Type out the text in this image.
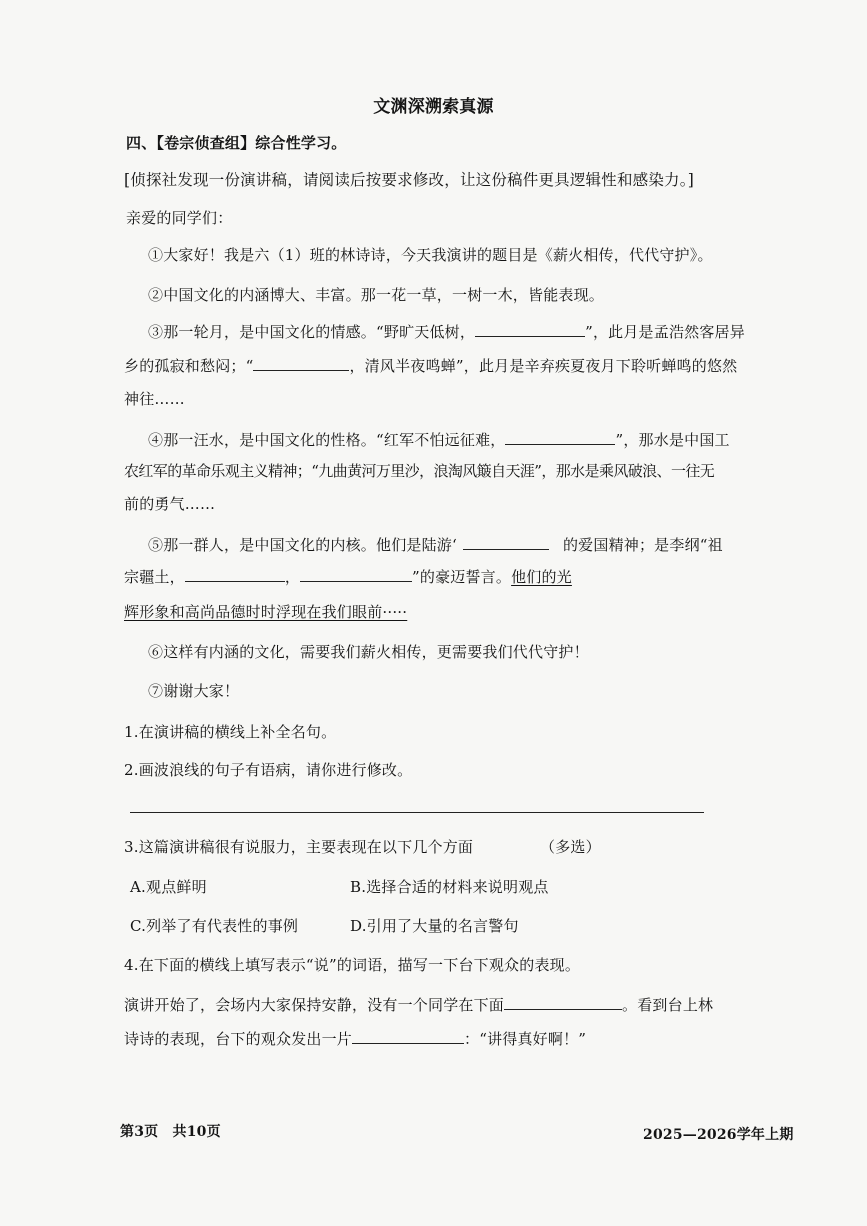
文渊深溯索真源
四、【卷宗侦查组】综合性学习。
[侦探社发现一份演讲稿，请阅读后按要求修改，让这份稿件更具逻辑性和感染力。]
亲爱的同学们：
①大家好！我是六（1）班的林诗诗，今天我演讲的题目是《薪火相传，代代守护》。
②中国文化的内涵博大、丰富。那一花一草，一树一木，皆能表现。
③那一轮月，是中国文化的情感。“野旷天低树，	”，此月是孟浩然客居异
乡的孤寂和愁闷；“	，清风半夜鸣蝉”，此月是辛弃疾夏夜月下聆听蝉鸣的悠然
神往……
④那一汪水，是中国文化的性格。“红军不怕远征难，	”，那水是中国工
农红军的革命乐观主义精神；“九曲黄河万里沙，浪淘风簸自天涯”，那水是乘风破浪、一往无
前的勇气……
⑤那一群人，是中国文化的内核。他们是陆游‘	的爱国精神；是李纲“祖
宗疆土，	，	”的豪迈誓言。他们的光
辉形象和高尚品德时时浮现在我们眼前·····
⑥这样有内涵的文化，需要我们薪火相传，更需要我们代代守护！
⑦谢谢大家！
1.在演讲稿的横线上补全名句。
2.画波浪线的句子有语病，请你进行修改。
3.这篇演讲稿很有说服力，主要表现在以下几个方面	（多选）
A.观点鲜明	B.选择合适的材料来说明观点
C.列举了有代表性的事例	D.引用了大量的名言警句
4.在下面的横线上填写表示“说”的词语，描写一下台下观众的表现。
演讲开始了，会场内大家保持安静，没有一个同学在下面	。看到台上林
诗诗的表现，台下的观众发出一片	：“讲得真好啊！”
第3页　共10页	2025—2026学年上期
